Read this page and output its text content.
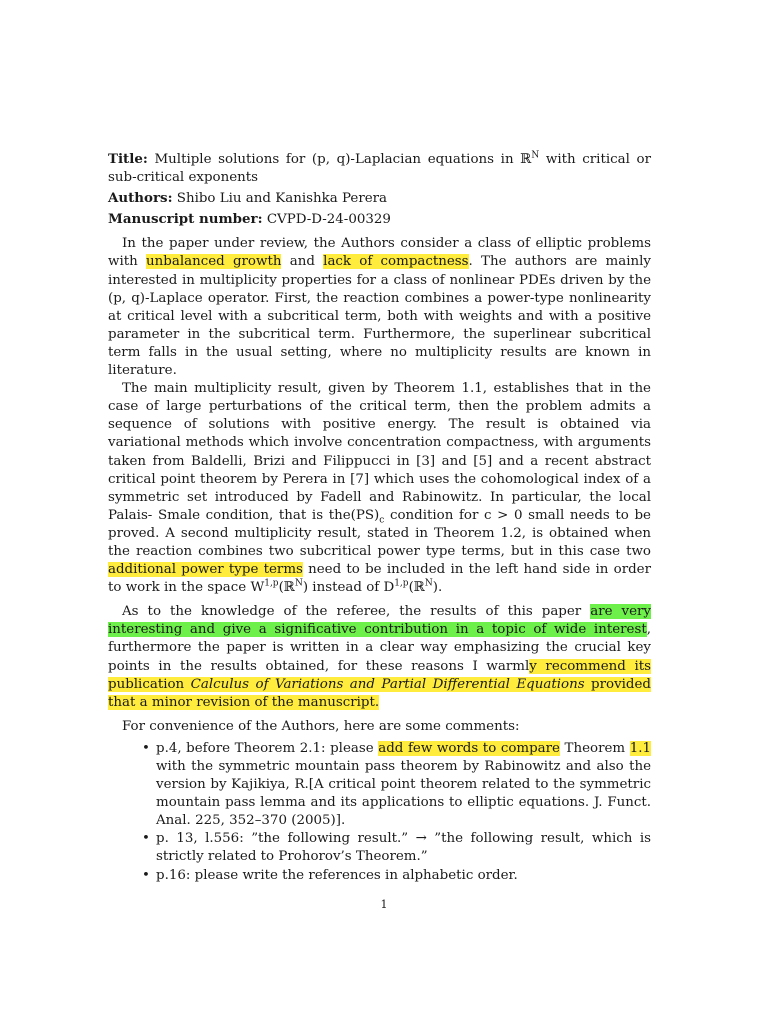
Title: Multiple solutions for (p, q)-Laplacian equations in ℝ$^N$ with critical or sub-critical exponents
Authors: Shibo Liu and Kanishka Perera
Manuscript number: CVPD-D-24-00329

In the paper under review, the Authors consider a class of elliptic problems with unbalanced growth and lack of compactness. The authors are mainly interested in multiplicity properties for a class of nonlinear PDEs driven by the (p, q)-Laplace operator. First, the reaction combines a power-type nonlinearity at critical level with a subcritical term, both with weights and with a positive parameter in the subcritical term. Furthermore, the superlinear subcritical term falls in the usual setting, where no multiplicity results are known in literature.

The main multiplicity result, given by Theorem 1.1, establishes that in the case of large perturbations of the critical term, then the problem admits a sequence of solutions with positive energy. The result is obtained via variational methods which involve concentration compactness, with arguments taken from Baldelli, Brizi and Filippucci in [3] and [5] and a recent abstract critical point theorem by Perera in [7] which uses the cohomological index of a symmetric set introduced by Fadell and Rabinowitz. In particular, the local Palais- Smale condition, that is $the(PS)_c$ condition for c > 0 small needs to be proved. A second multiplicity result, stated in Theorem 1.2, is obtained when the reaction combines two subcritical power type terms, but in this case two additional power type terms need to be included in the left hand side in order to work in the space W$^{1,p}$(ℝ$^N$) instead of D$^{1,p}$(ℝ$^N$).

As to the knowledge of the referee, the results of this paper are very interesting and give a significative contribution in a topic of wide interest, furthermore the paper is written in a clear way emphasizing the crucial key points in the results obtained, for these reasons I warmly recommend its publication Calculus of Variations and Partial Differential Equations provided that a minor revision of the manuscript.

For convenience of the Authors, here are some comments:

• p.4, before Theorem 2.1: please add few words to compare Theorem 1.1 with the symmetric mountain pass theorem by Rabinowitz and also the version by Kajikiya, R.[A critical point theorem related to the symmetric mountain pass lemma and its applications to elliptic equations. J. Funct. Anal. 225, 352–370 (2005)].
• p. 13, l.556: ”the following result.” → ”the following result, which is strictly related to Prohorov’s Theorem.”
• p.16: please write the references in alphabetic order.
1
